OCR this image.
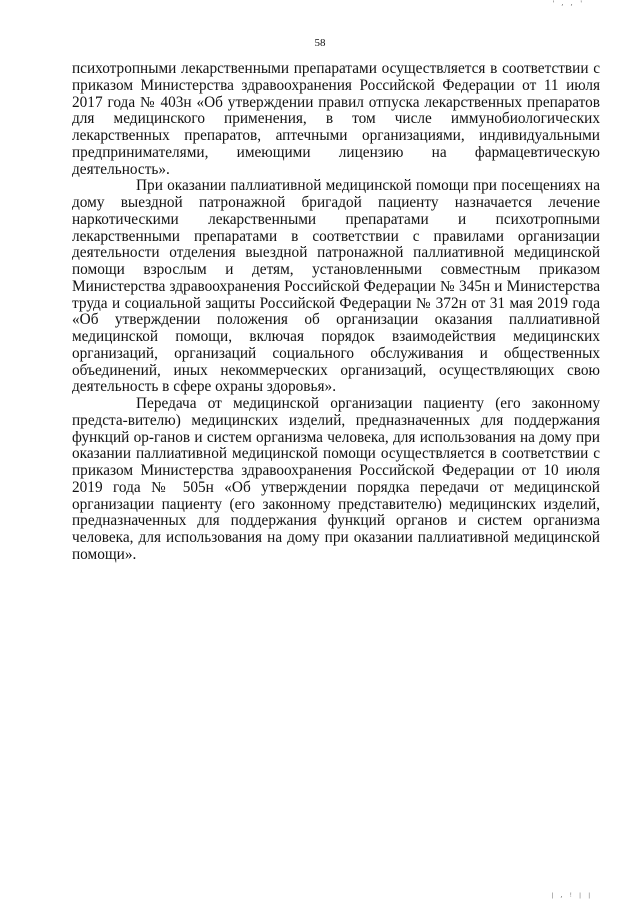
' , , '
58

психотропными лекарственными препаратами осуществляется в соответствии с приказом Министерства здравоохранения Российской Федерации от 11 июля 2017 года № 403н «Об утверждении правил отпуска лекарственных препаратов для медицинского применения, в том числе иммунобиологических лекарственных препаратов, аптечными организациями, индивидуальными предпринимателями, имеющими лицензию на фармацевтическую деятельность».

При оказании паллиативной медицинской помощи при посещениях на дому выездной патронажной бригадой пациенту назначается лечение наркотическими лекарственными препаратами и психотропными лекарственными препаратами в соответствии с правилами организации деятельности отделения выездной патронажной паллиативной медицинской помощи взрослым и детям, установленными совместным приказом Министерства здравоохранения Российской Федерации № 345н и Министерства труда и социальной защиты Российской Федерации № 372н от 31 мая 2019 года «Об утверждении положения об организации оказания паллиативной медицинской помощи, включая порядок взаимодействия медицинских организаций, организаций социального обслуживания и общественных объединений, иных некоммерческих организаций, осуществляющих свою деятельность в сфере охраны здоровья».

Передача от медицинской организации пациенту (его законному предста-вителю) медицинских изделий, предназначенных для поддержания функций ор-ганов и систем организма человека, для использования на дому при оказании паллиативной медицинской помощи осуществляется в соответствии с приказом Министерства здравоохранения Российской Федерации от 10 июля 2019 года № 505н «Об утверждении порядка передачи от медицинской организации пациенту (его законному представителю) медицинских изделий, предназначенных для поддержания функций органов и систем организма человека, для использования на дому при оказании паллиативной медицинской помощи».

| ‚ ! | |
